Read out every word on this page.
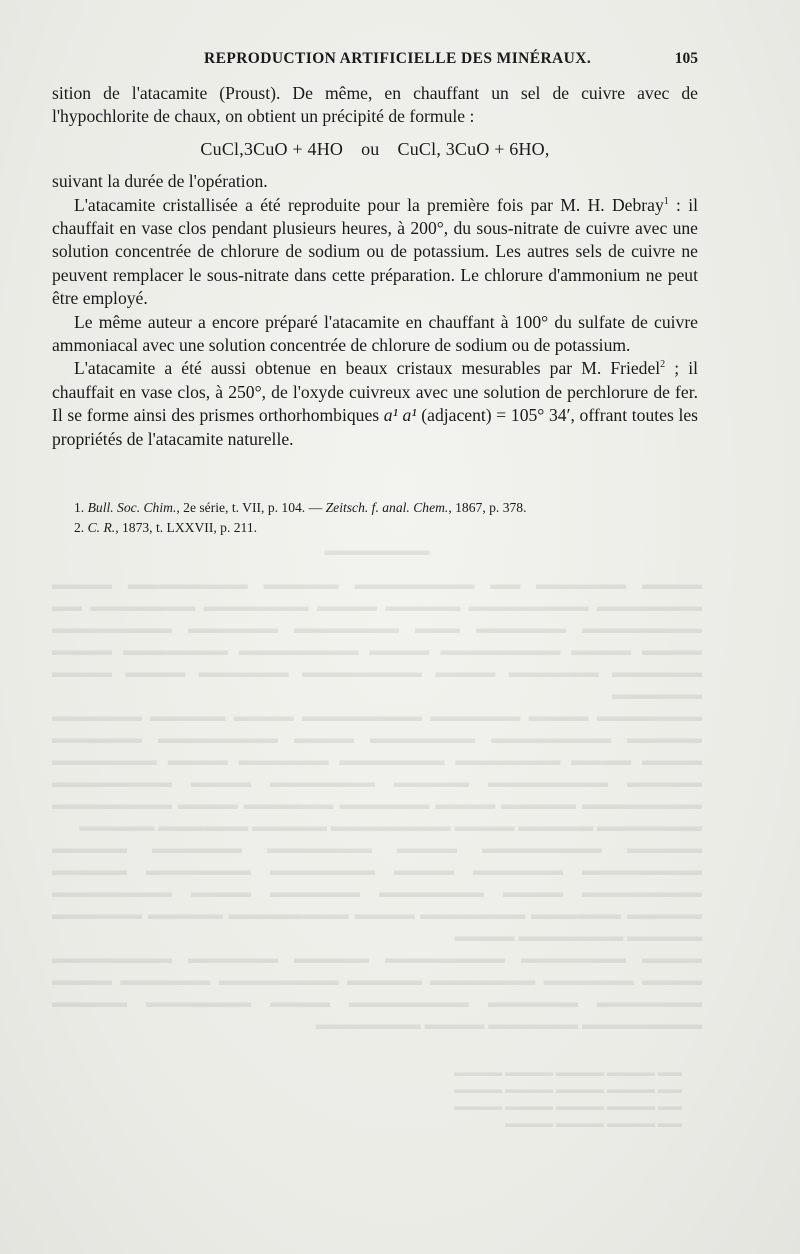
REPRODUCTION ARTIFICIELLE DES MINÉRAUX.	105

sition de l'atacamite (Proust). De même, en chauffant un sel de cuivre avec de l'hypochlorite de chaux, on obtient un précipité de formule :

CuCl,3CuO + 4HO ou CuCl, 3CuO + 6HO,

suivant la durée de l'opération.

L'atacamite cristallisée a été reproduite pour la première fois par M. H. Debray$^1$ : il chauffait en vase clos pendant plusieurs heures, à 200°, du sous-nitrate de cuivre avec une solution concentrée de chlorure de sodium ou de potassium. Les autres sels de cuivre ne peuvent remplacer le sous-nitrate dans cette préparation. Le chlorure d'ammonium ne peut être employé.

Le même auteur a encore préparé l'atacamite en chauffant à 100° du sulfate de cuivre ammoniacal avec une solution concentrée de chlorure de sodium ou de potassium.

L'atacamite a été aussi obtenue en beaux cristaux mesurables par M. Friedel$^2$ ; il chauffait en vase clos, à 250°, de l'oxyde cuivreux avec une solution de perchlorure de fer. Il se forme ainsi des prismes orthorhombiques a¹ a¹ (adjacent) = 105° 34′, offrant toutes les propriétés de l'atacamite naturelle.

1. Bull. Soc. Chim., 2e série, t. VII, p. 104. — Zeitsch. f. anal. Chem., 1867, p. 378.

2. C. R., 1873, t. LXXVII, p. 211.

▬▬▬▬▬▬▬

▬▬▬▬ ▬▬▬▬▬▬ ▬▬ ▬▬▬▬▬▬▬▬ ▬▬▬▬▬ ▬▬▬▬▬▬▬▬ ▬▬▬▬ ▬▬▬▬▬▬▬ ▬▬▬▬▬▬▬▬ ▬▬▬▬▬ ▬▬▬▬ ▬▬▬▬▬▬▬ ▬▬▬▬▬▬▬ ▬▬ ▬▬▬▬▬▬▬▬ ▬▬▬▬▬▬ ▬▬▬ ▬▬▬▬▬▬▬ ▬▬▬▬▬▬ ▬▬▬▬▬▬▬▬ ▬▬▬▬ ▬▬▬▬ ▬▬▬▬▬▬▬▬ ▬▬▬▬ ▬▬▬▬▬▬▬▬ ▬▬▬▬▬▬▬ ▬▬▬▬ ▬▬▬▬▬▬ ▬▬▬▬▬▬ ▬▬▬▬ ▬▬▬▬▬▬▬▬ ▬▬▬▬▬▬ ▬▬▬▬ ▬▬▬▬ ▬▬▬▬▬▬

▬▬▬▬▬▬▬ ▬▬▬▬ ▬▬▬▬▬▬ ▬▬▬▬▬▬▬▬ ▬▬▬▬ ▬▬▬▬▬ ▬▬▬▬▬▬ ▬▬▬▬▬ ▬▬▬▬▬▬▬▬ ▬▬▬▬▬▬▬ ▬▬▬▬ ▬▬▬▬▬▬▬▬ ▬▬▬▬▬▬ ▬▬▬▬ ▬▬▬▬ ▬▬▬▬▬▬▬ ▬▬▬▬▬▬▬ ▬▬▬▬▬▬ ▬▬▬▬ ▬▬▬▬▬▬▬ ▬▬▬▬▬ ▬▬▬▬▬▬▬▬ ▬▬▬▬▬ ▬▬▬▬▬▬▬ ▬▬▬▬ ▬▬▬▬▬▬▬▬ ▬▬▬▬▬▬▬▬ ▬▬▬▬▬ ▬▬▬▬ ▬▬▬▬▬▬ ▬▬▬▬▬▬ ▬▬▬▬ ▬▬▬▬▬▬▬▬ ▬▬▬▬▬▬▬ ▬▬▬▬▬ ▬▬▬▬ ▬▬▬▬▬▬▬▬ ▬▬▬▬▬ ▬▬▬▬▬▬ ▬▬▬▬▬

▬▬▬▬▬ ▬▬▬▬▬▬▬▬ ▬▬▬▬ ▬▬▬▬▬▬▬ ▬▬▬▬▬▬ ▬▬▬▬▬ ▬▬▬▬▬▬▬▬ ▬▬▬▬▬▬ ▬▬▬▬ ▬▬▬▬▬▬▬ ▬▬▬▬▬▬▬ ▬▬▬▬▬ ▬▬▬▬▬▬▬▬ ▬▬▬▬ ▬▬▬▬▬▬▬ ▬▬▬▬▬▬ ▬▬▬▬ ▬▬▬▬▬▬▬▬ ▬▬▬▬▬ ▬▬▬▬▬▬ ▬▬▬▬▬▬▬ ▬▬▬▬ ▬▬▬▬▬▬▬▬ ▬▬▬▬▬ ▬▬▬▬▬▬ ▬▬▬▬▬ ▬▬▬▬▬▬▬ ▬▬▬▬

▬▬▬▬ ▬▬▬▬▬▬▬ ▬▬▬▬▬▬▬▬ ▬▬▬▬▬ ▬▬▬▬▬▬ ▬▬▬▬▬▬▬▬ ▬▬▬▬ ▬▬▬▬▬▬ ▬▬▬▬▬▬▬ ▬▬▬▬▬ ▬▬▬▬▬▬▬▬ ▬▬▬▬▬▬ ▬▬▬▬ ▬▬▬▬▬▬▬ ▬▬▬▬▬▬ ▬▬▬▬▬▬▬▬ ▬▬▬▬ ▬▬▬▬▬▬▬ ▬▬▬▬▬ ▬▬▬▬▬▬▬▬ ▬▬▬▬▬▬ ▬▬▬▬ ▬▬▬▬▬▬▬

▬▬ ▬▬▬▬ ▬▬▬▬ ▬▬▬▬ ▬▬▬▬
▬▬ ▬▬▬▬ ▬▬▬▬ ▬▬▬▬ ▬▬▬▬
▬▬ ▬▬▬▬ ▬▬▬▬ ▬▬▬▬ ▬▬▬▬
▬▬ ▬▬▬▬ ▬▬▬▬ ▬▬▬▬
